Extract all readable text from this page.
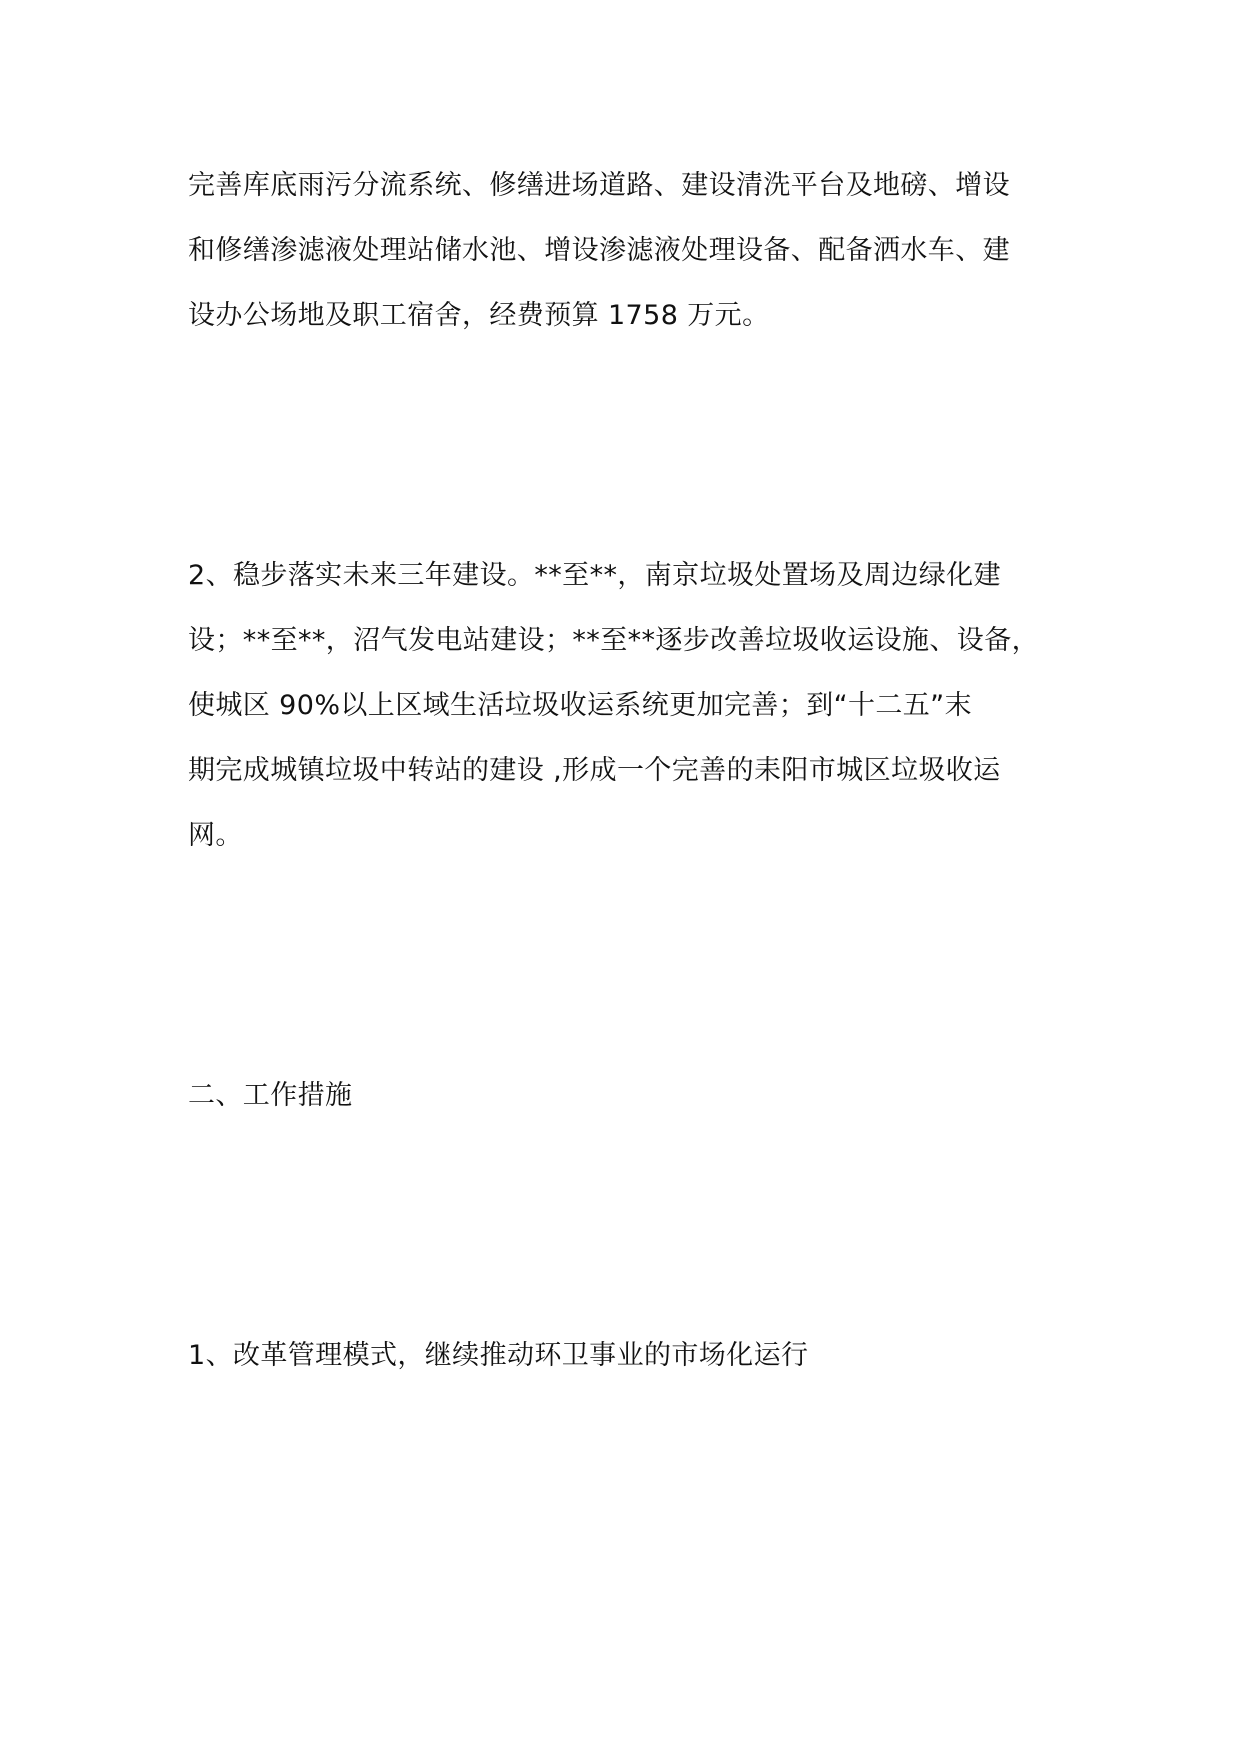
完善库底雨污分流系统、修缮进场道路、建设清洗平台及地磅、增设
和修缮渗滤液处理站储水池、增设渗滤液处理设备、配备洒水车、建
设办公场地及职工宿舍，经费预算 1758 万元。
2、稳步落实未来三年建设。**至**，南京垃圾处置场及周边绿化建
设；**至**，沼气发电站建设；**至**逐步改善垃圾收运设施、设备，
使城区 90%以上区域生活垃圾收运系统更加完善；到“十二五”末
期完成城镇垃圾中转站的建设 ,形成一个完善的耒阳市城区垃圾收运
网。
二、工作措施
1、改革管理模式，继续推动环卫事业的市场化运行
